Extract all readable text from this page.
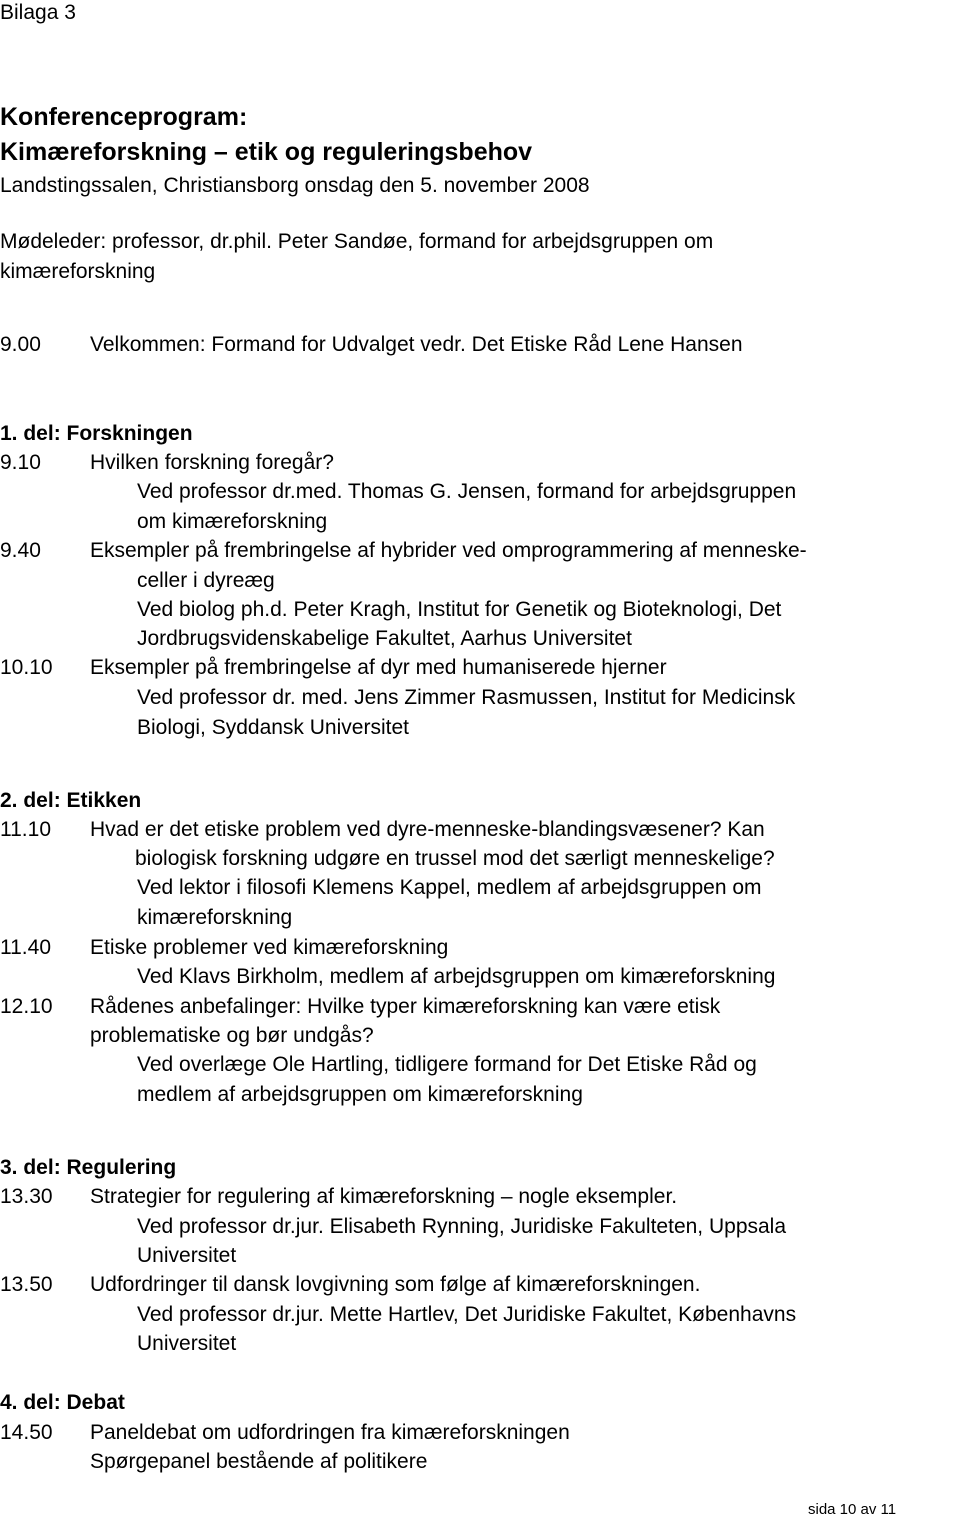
Bilaga 3
Konferenceprogram:
Kimæreforskning – etik og reguleringsbehov
Landstingssalen, Christiansborg onsdag den 5. november 2008
Mødeleder: professor, dr.phil. Peter Sandøe, formand for arbejdsgruppen om
kimæreforskning
9.00 Velkommen: Formand for Udvalget vedr. Det Etiske Råd Lene Hansen
1. del: Forskningen
9.10 Hvilken forskning foregår?
Ved professor dr.med. Thomas G. Jensen, formand for arbejdsgruppen
om kimæreforskning
9.40 Eksempler på frembringelse af hybrider ved omprogrammering af menneske-
celler i dyreæg
Ved biolog ph.d. Peter Kragh, Institut for Genetik og Bioteknologi, Det
Jordbrugsvidenskabelige Fakultet, Aarhus Universitet
10.10 Eksempler på frembringelse af dyr med humaniserede hjerner
Ved professor dr. med. Jens Zimmer Rasmussen, Institut for Medicinsk
Biologi, Syddansk Universitet
2. del: Etikken
11.10 Hvad er det etiske problem ved dyre-menneske-blandingsvæsener? Kan
biologisk forskning udgøre en trussel mod det særligt menneskelige?
Ved lektor i filosofi Klemens Kappel, medlem af arbejdsgruppen om
kimæreforskning
11.40 Etiske problemer ved kimæreforskning
Ved Klavs Birkholm, medlem af arbejdsgruppen om kimæreforskning
12.10 Rådenes anbefalinger: Hvilke typer kimæreforskning kan være etisk
problematiske og bør undgås?
Ved overlæge Ole Hartling, tidligere formand for Det Etiske Råd og
medlem af arbejdsgruppen om kimæreforskning
3. del: Regulering
13.30 Strategier for regulering af kimæreforskning – nogle eksempler.
Ved professor dr.jur. Elisabeth Rynning, Juridiske Fakulteten, Uppsala
Universitet
13.50 Udfordringer til dansk lovgivning som følge af kimæreforskningen.
Ved professor dr.jur. Mette Hartlev, Det Juridiske Fakultet, Københavns
Universitet
4. del: Debat
14.50 Paneldebat om udfordringen fra kimæreforskningen
Spørgepanel bestående af politikere
sida 10 av 11
